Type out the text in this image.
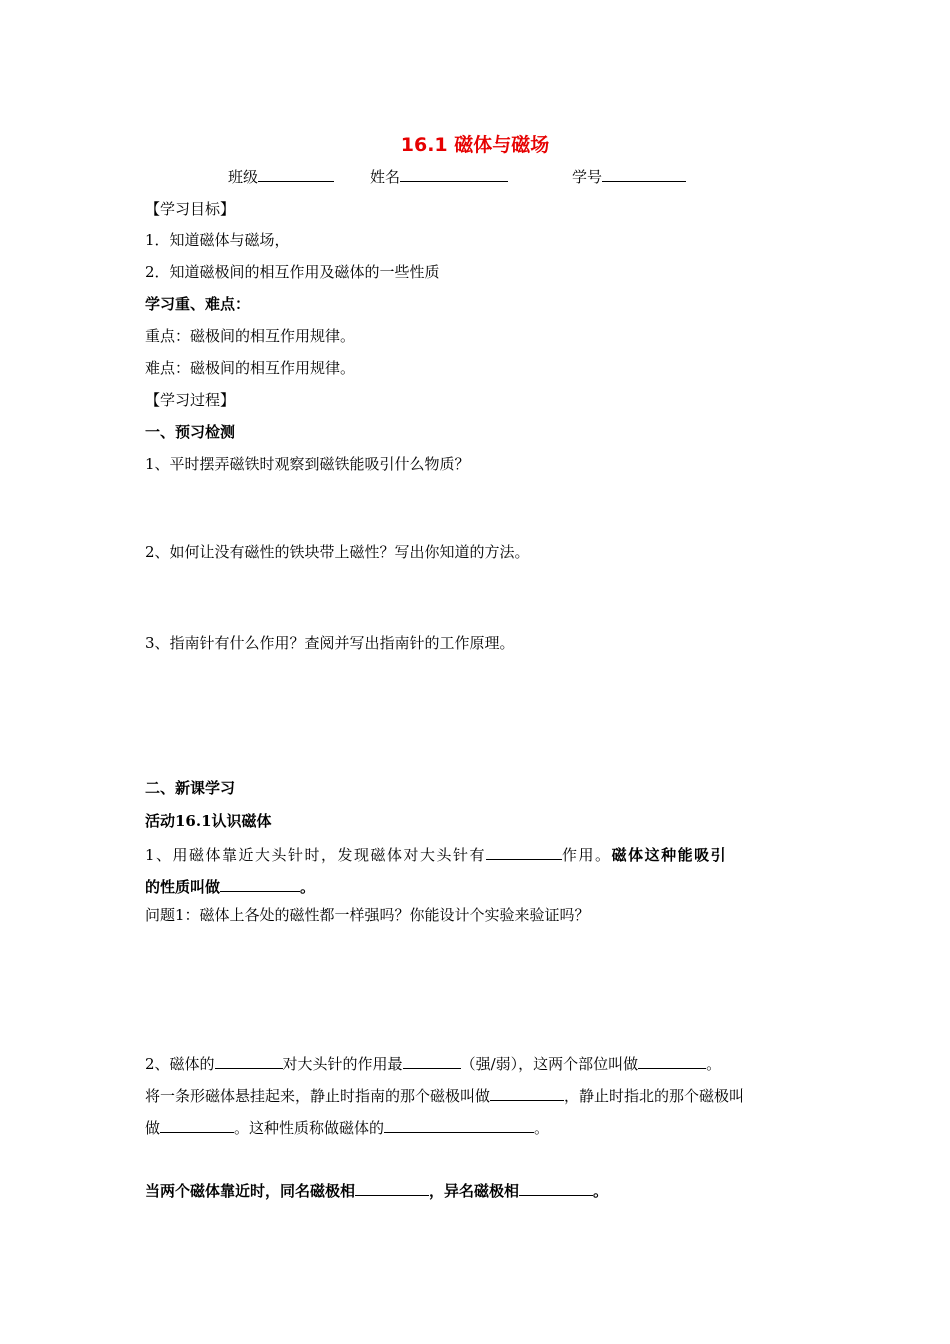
16.1 磁体与磁场
班级	姓名	学号
【学习目标】
1．知道磁体与磁场，
2．知道磁极间的相互作用及磁体的一些性质
学习重、难点：
重点：磁极间的相互作用规律。
难点：磁极间的相互作用规律。
【学习过程】
一、预习检测
1、平时摆弄磁铁时观察到磁铁能吸引什么物质？
2、如何让没有磁性的铁块带上磁性？写出你知道的方法。
3、指南针有什么作用？查阅并写出指南针的工作原理。
二、新课学习
活动16.1认识磁体
1、用磁体靠近大头针时，发现磁体对大头针有	作用。磁体这种能吸引
的性质叫做	。
问题1：磁体上各处的磁性都一样强吗？你能设计个实验来验证吗？
2、磁体的	对大头针的作用最	（强/弱），这两个部位叫做	。
将一条形磁体悬挂起来，静止时指南的那个磁极叫做	，静止时指北的那个磁极叫
做	。这种性质称做磁体的	。
当两个磁体靠近时，同名磁极相	，异名磁极相	。
